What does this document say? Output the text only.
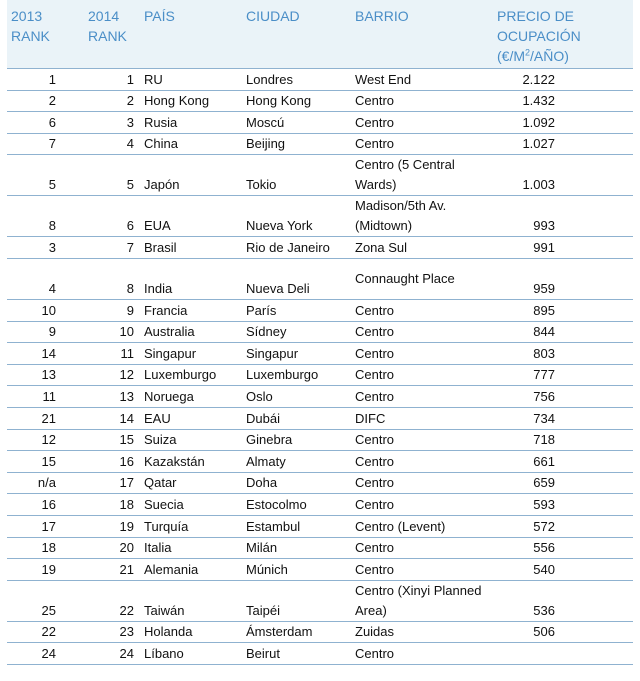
2013 RANK	2014 RANK	PAÍS	CIUDAD	BARRIO	PRECIO DE OCUPACIÓN
$(€/M^2/AÑO)$
1	1	RU	Londres	West End	2.122
2	2	Hong Kong	Hong Kong	Centro	1.432
6	3	Rusia	Moscú	Centro	1.092
7	4	China	Beijing	Centro	1.027
5	5	Japón	Tokio	Centro (5 Central Wards)	1.003
8	6	EUA	Nueva York	Madison/5th Av. (Midtown)	993
3	7	Brasil	Rio de Janeiro	Zona Sul	991
4	8	India	Nueva Deli	Connaught Place	959
10	9	Francia	París	Centro	895
9	10	Australia	Sídney	Centro	844
14	11	Singapur	Singapur	Centro	803
13	12	Luxemburgo	Luxemburgo	Centro	777
11	13	Noruega	Oslo	Centro	756
21	14	EAU	Dubái	DIFC	734
12	15	Suiza	Ginebra	Centro	718
15	16	Kazakstán	Almaty	Centro	661
n/a	17	Qatar	Doha	Centro	659
16	18	Suecia	Estocolmo	Centro	593
17	19	Turquía	Estambul	Centro (Levent)	572
18	20	Italia	Milán	Centro	556
19	21	Alemania	Múnich	Centro	540
25	22	Taiwán	Taipéi	Centro (Xinyi Planned Area)	536
22	23	Holanda	Ámsterdam	Zuidas	506
24	24	Líbano	Beirut	Centro	
